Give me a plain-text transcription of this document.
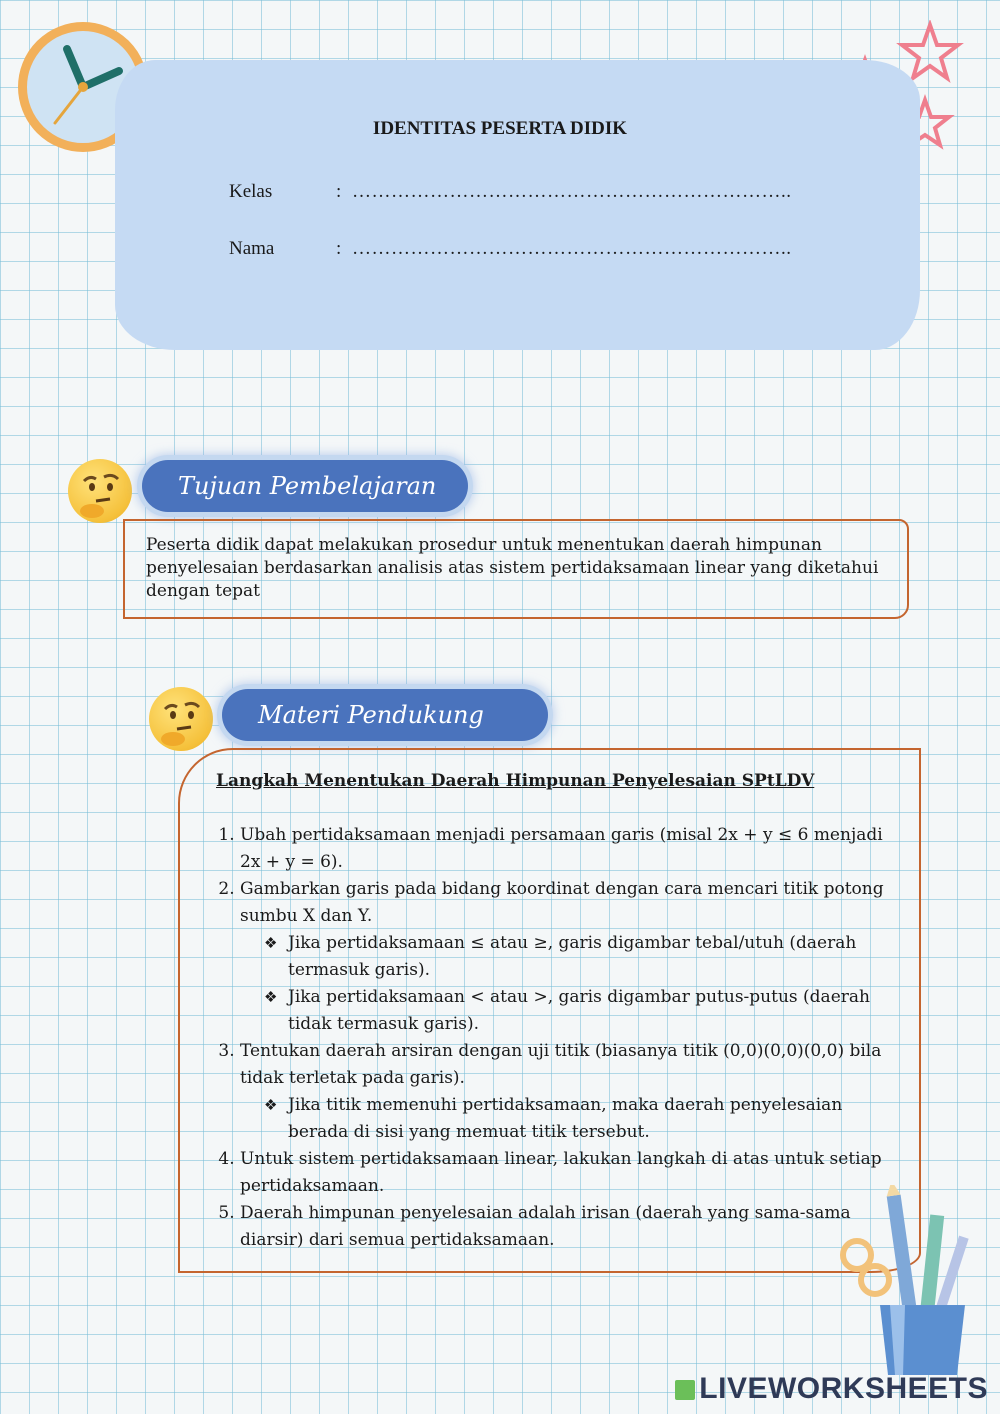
IDENTITAS PESERTA DIDIK
Kelas	: …………………………………………………………..
Nama	: …………………………………………………………..
Tujuan Pembelajaran
Peserta didik dapat melakukan prosedur untuk menentukan daerah himpunan penyelesaian berdasarkan analisis atas sistem pertidaksamaan linear yang diketahui dengan tepat
Materi Pendukung
Langkah Menentukan Daerah Himpunan Penyelesaian SPtLDV
1. Ubah pertidaksamaan menjadi persamaan garis (misal 2x + y ≤ 6 menjadi 2x + y = 6).
2. Gambarkan garis pada bidang koordinat dengan cara mencari titik potong sumbu X dan Y.
❖ Jika pertidaksamaan ≤ atau ≥, garis digambar tebal/utuh (daerah termasuk garis).
❖ Jika pertidaksamaan < atau >, garis digambar putus-putus (daerah tidak termasuk garis).
3. Tentukan daerah arsiran dengan uji titik (biasanya titik (0,0)(0,0)(0,0) bila tidak terletak pada garis).
❖ Jika titik memenuhi pertidaksamaan, maka daerah penyelesaian berada di sisi yang memuat titik tersebut.
4. Untuk sistem pertidaksamaan linear, lakukan langkah di atas untuk setiap pertidaksamaan.
5. Daerah himpunan penyelesaian adalah irisan (daerah yang sama-sama diarsir) dari semua pertidaksamaan.
LIVEWORKSHEETS
